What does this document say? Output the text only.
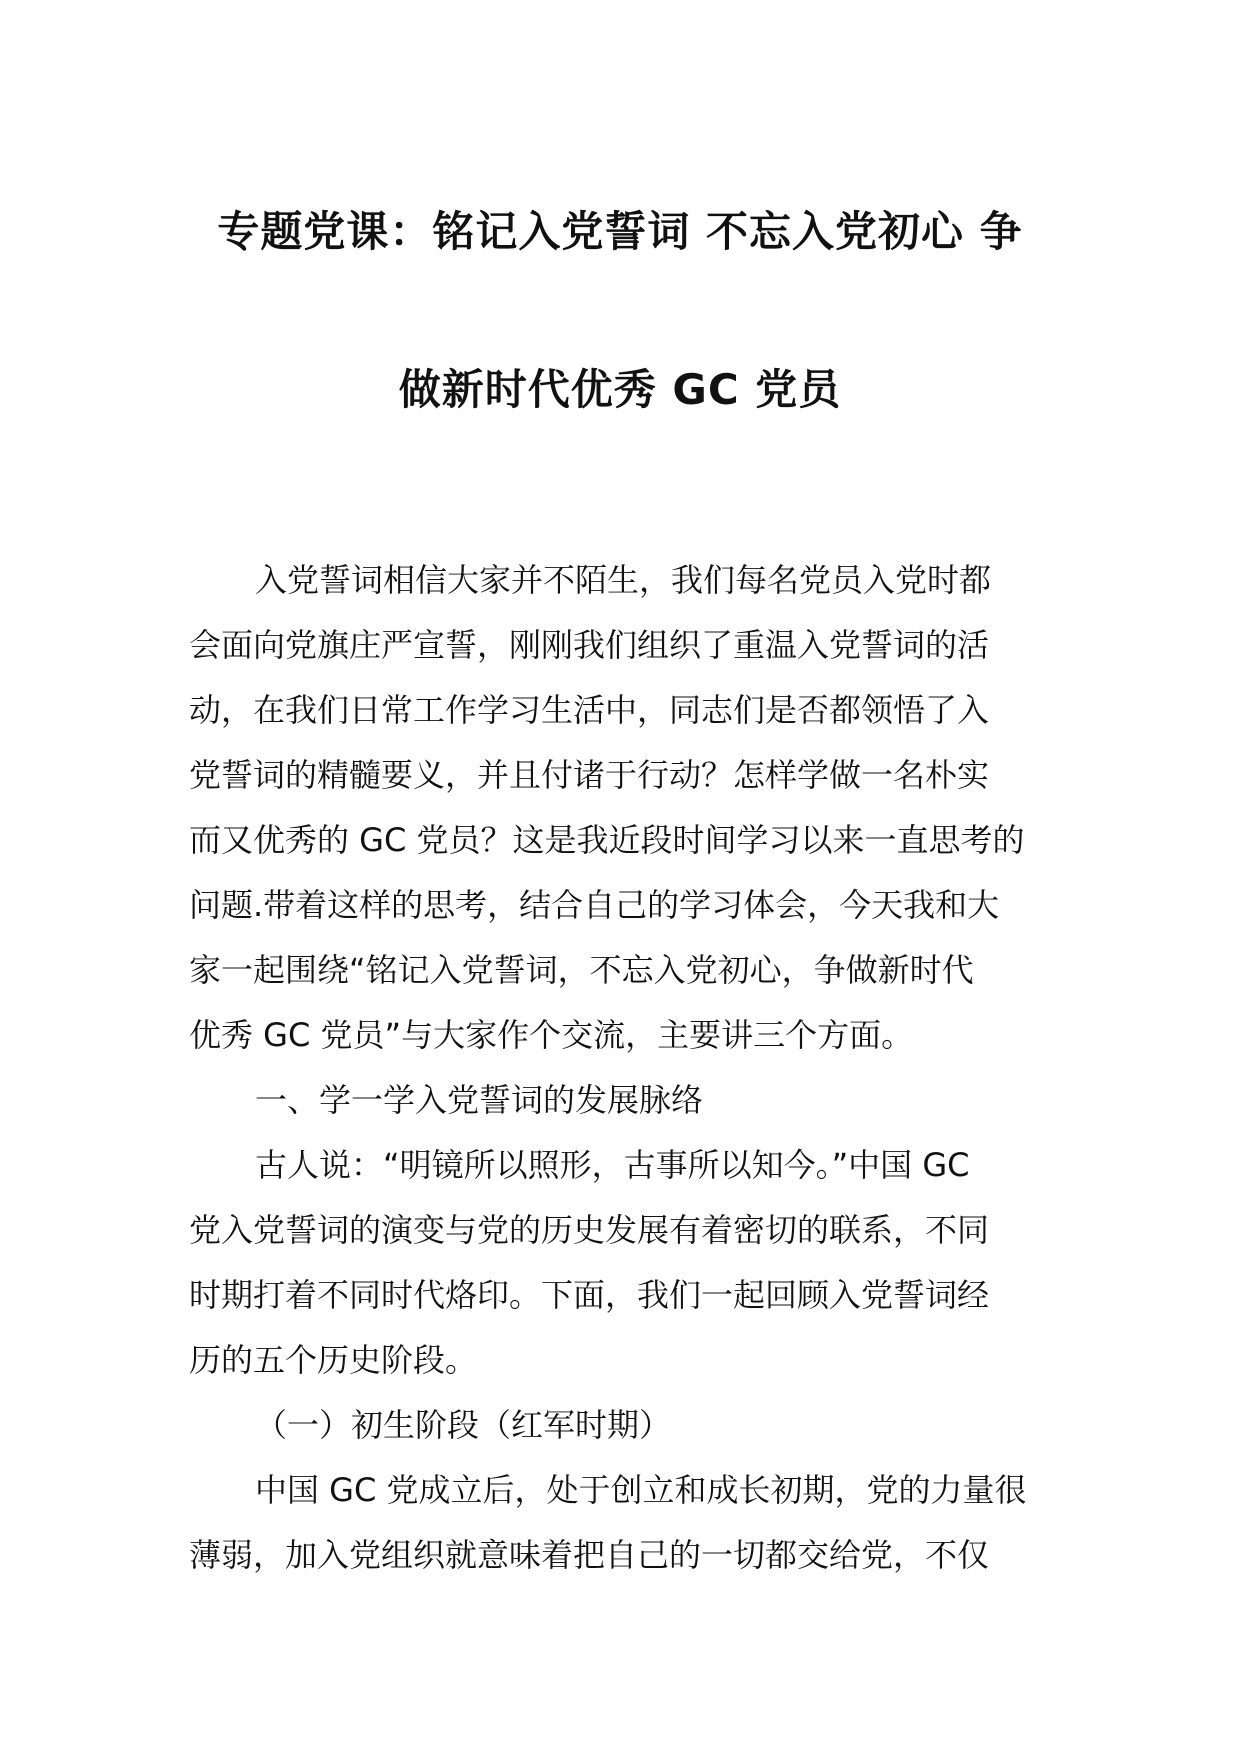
专题党课：铭记入党誓词 不忘入党初心 争
做新时代优秀 GC 党员
入党誓词相信大家并不陌生，我们每名党员入党时都
会面向党旗庄严宣誓，刚刚我们组织了重温入党誓词的活
动，在我们日常工作学习生活中，同志们是否都领悟了入
党誓词的精髓要义，并且付诸于行动？怎样学做一名朴实
而又优秀的 GC 党员？这是我近段时间学习以来一直思考的
问题.带着这样的思考，结合自己的学习体会，今天我和大
家一起围绕“铭记入党誓词，不忘入党初心，争做新时代
优秀 GC 党员”与大家作个交流，主要讲三个方面。
一、学一学入党誓词的发展脉络
古人说：“明镜所以照形，古事所以知今。”中国 GC
党入党誓词的演变与党的历史发展有着密切的联系，不同
时期打着不同时代烙印。下面，我们一起回顾入党誓词经
历的五个历史阶段。
（一）初生阶段（红军时期）
中国 GC 党成立后，处于创立和成长初期，党的力量很
薄弱，加入党组织就意味着把自己的一切都交给党，不仅
